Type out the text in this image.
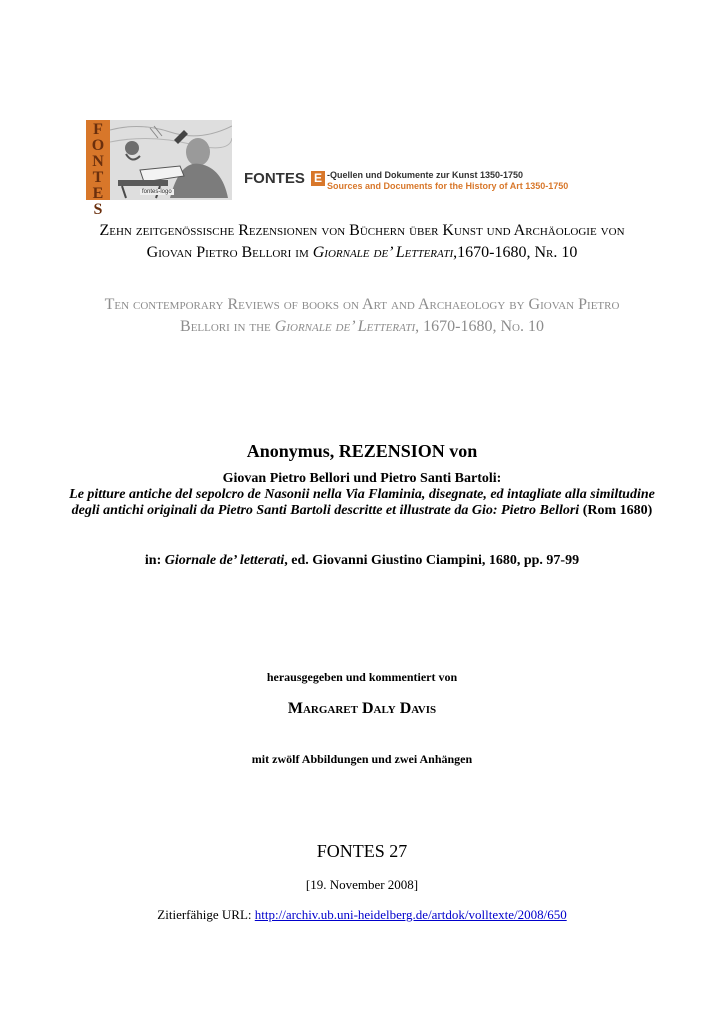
F
O
N
T
E
S
fontes-logo
FONTES E -Quellen und Dokumente zur Kunst 1350-1750
Sources and Documents for the History of Art 1350-1750
Zehn zeitgenössische Rezensionen von Büchern über Kunst und Archäologie von Giovan Pietro Bellori im Giornale de’ Letterati,1670-1680, Nr. 10
Ten contemporary Reviews of books on Art and Archaeology by Giovan Pietro Bellori in the Giornale de’ Letterati, 1670-1680, No. 10
Anonymus, REZENSION von
Giovan Pietro Bellori und Pietro Santi Bartoli:
Le pitture antiche del sepolcro de Nasonii nella Via Flaminia, disegnate, ed intagliate alla similtudine degli antichi originali da Pietro Santi Bartoli descritte et illustrate da Gio: Pietro Bellori (Rom 1680)
in: Giornale de’ letterati, ed. Giovanni Giustino Ciampini, 1680, pp. 97-99
herausgegeben und kommentiert von
Margaret Daly Davis
mit zwölf Abbildungen und zwei Anhängen
FONTES 27
[19. November 2008]
Zitierfähige URL: http://archiv.ub.uni-heidelberg.de/artdok/volltexte/2008/650
